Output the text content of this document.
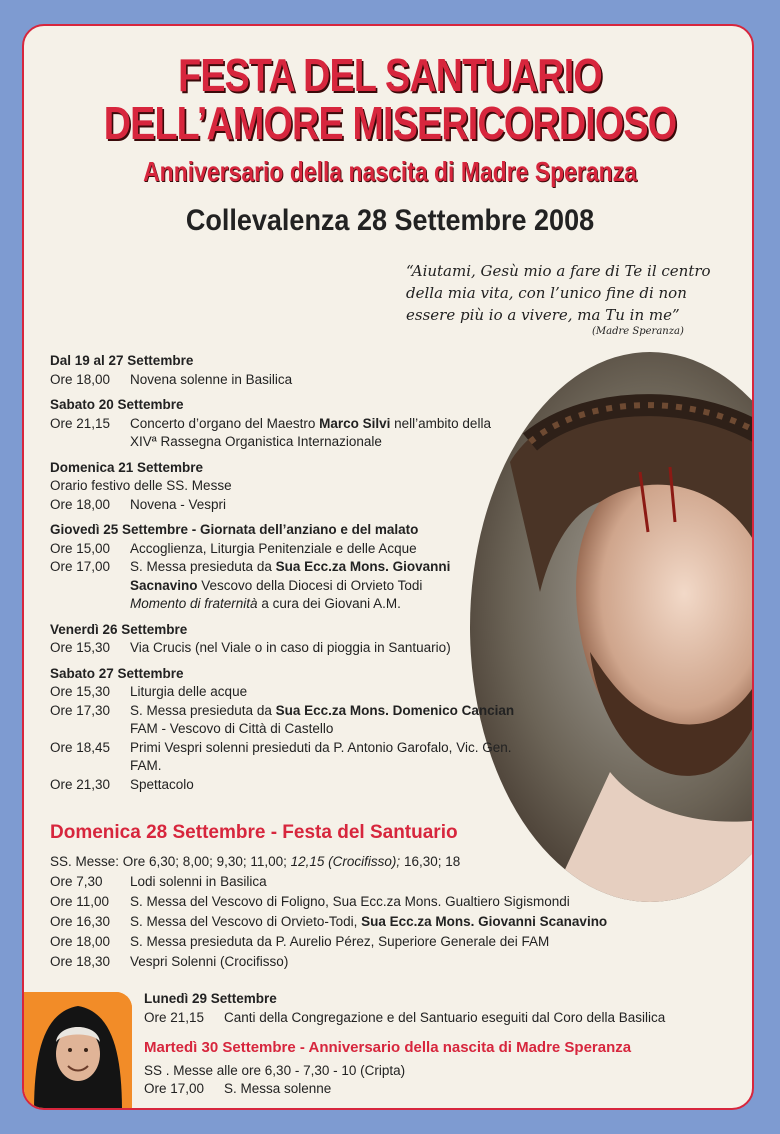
FESTA DEL SANTUARIO
DELL’AMORE MISERICORDIOSO
Anniversario della nascita di Madre Speranza
Collevalenza 28 Settembre 2008
“Aiutami, Gesù mio a fare di Te il centro della mia vita, con l’unico fine di non essere più io a vivere, ma Tu in me”
(Madre Speranza)
Dal 19 al 27 Settembre
Ore 18,00	Novena solenne in Basilica
Sabato 20 Settembre
Ore 21,15	Concerto d’organo del Maestro Marco Silvi nell’ambito della XIVª Rassegna Organistica Internazionale
Domenica 21 Settembre
Orario festivo delle SS. Messe
Ore 18,00	Novena - Vespri
Giovedì 25 Settembre - Giornata dell’anziano e del malato
Ore 15,00	Accoglienza, Liturgia Penitenziale e delle Acque
Ore 17,00	S. Messa presieduta da Sua Ecc.za Mons. Giovanni Sacnavino Vescovo della Diocesi di Orvieto Todi
Momento di fraternità a cura dei Giovani A.M.
Venerdì 26 Settembre
Ore 15,30	Via Crucis (nel Viale o in caso di pioggia in Santuario)
Sabato 27 Settembre
Ore 15,30	Liturgia delle acque
Ore 17,30	S. Messa presieduta da Sua Ecc.za Mons. Domenico Cancian FAM - Vescovo di Città di Castello
Ore 18,45	Primi Vespri solenni presieduti da P. Antonio Garofalo, Vic. Gen. FAM.
Ore 21,30	Spettacolo
Domenica 28 Settembre - Festa del Santuario
SS. Messe: Ore 6,30; 8,00; 9,30; 11,00; 12,15 (Crocifisso); 16,30; 18
Ore 7,30	Lodi solenni in Basilica
Ore 11,00	S. Messa del Vescovo di Foligno, Sua Ecc.za Mons. Gualtiero Sigismondi
Ore 16,30	S. Messa del Vescovo di Orvieto-Todi, Sua Ecc.za Mons. Giovanni Scanavino
Ore 18,00	S. Messa presieduta da P. Aurelio Pérez, Superiore Generale dei FAM
Ore 18,30	Vespri Solenni (Crocifisso)
Lunedì 29 Settembre
Ore 21,15	Canti della Congregazione e del Santuario eseguiti dal Coro della Basilica
Martedì 30 Settembre - Anniversario della nascita di Madre Speranza
SS . Messe alle ore 6,30 - 7,30 - 10 (Cripta)
Ore 17,00	S. Messa solenne
